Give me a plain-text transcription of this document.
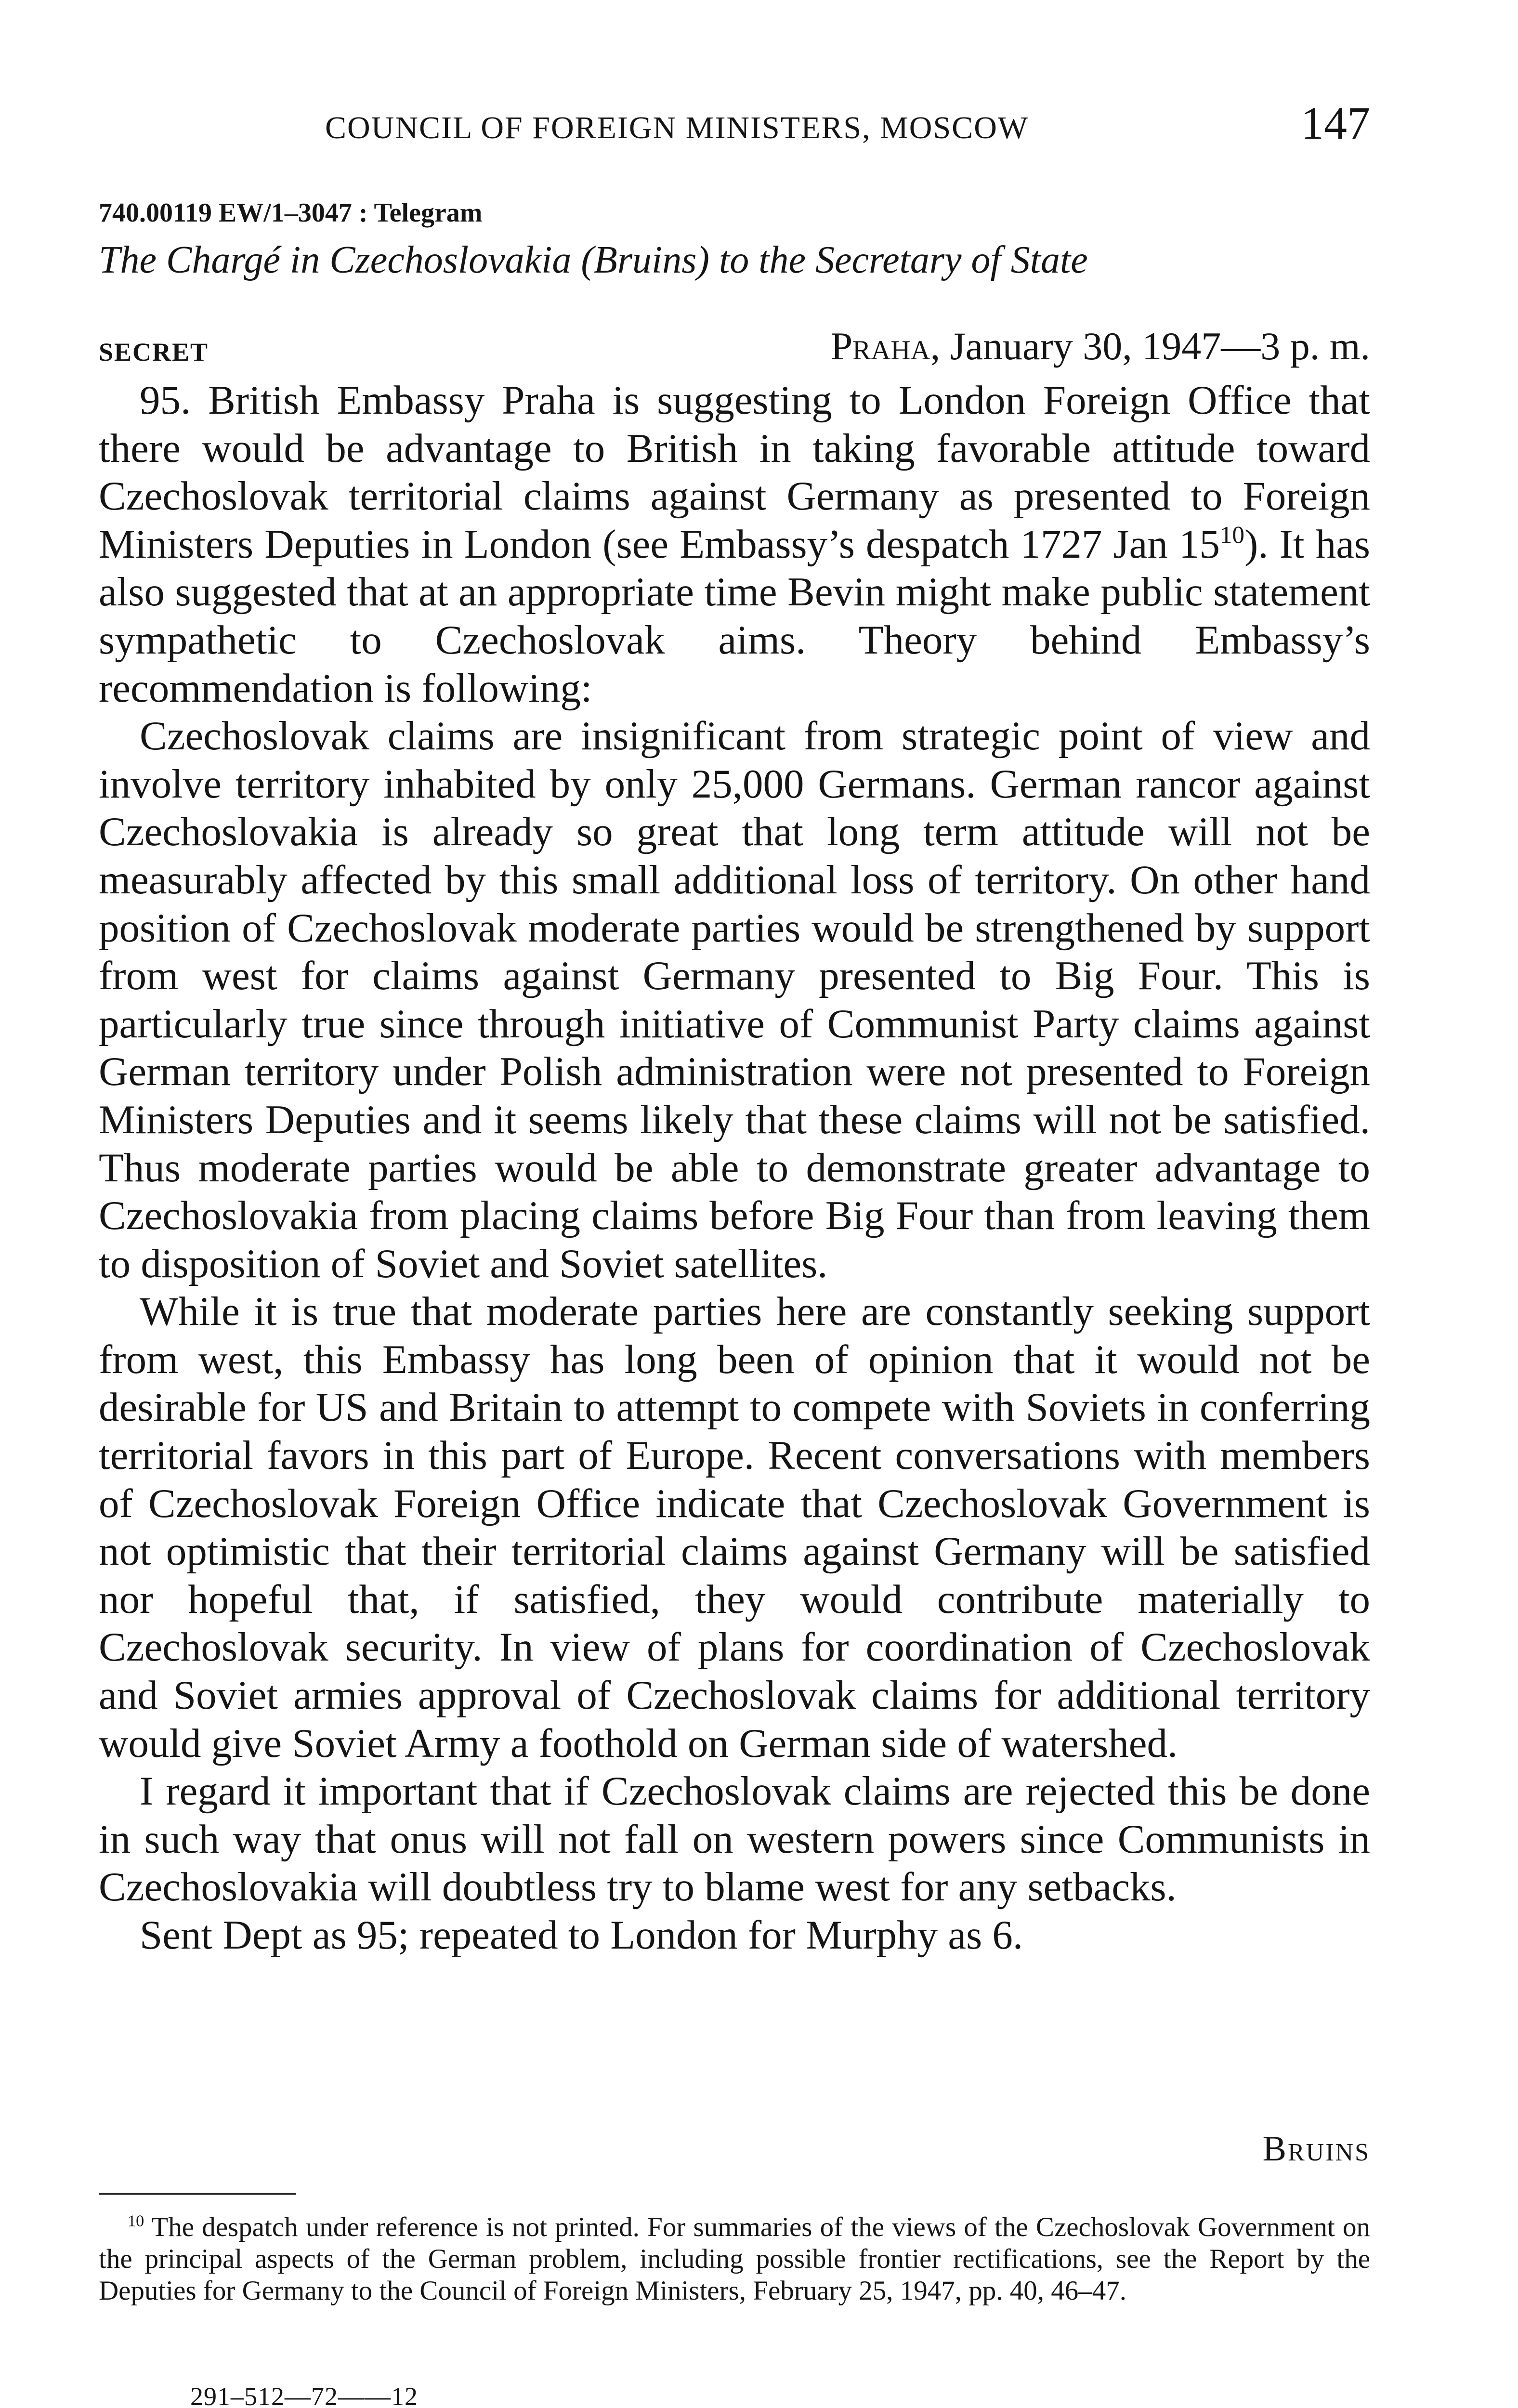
COUNCIL OF FOREIGN MINISTERS, MOSCOW	147
740.00119 EW/1–3047 : Telegram
The Chargé in Czechoslovakia (Bruins) to the Secretary of State
SECRET	Praha, January 30, 1947—3 p. m.

95. British Embassy Praha is suggesting to London Foreign Office that there would be advantage to British in taking favorable attitude toward Czechoslovak territorial claims against Germany as presented to Foreign Ministers Deputies in London (see Embassy’s despatch 1727 Jan $15^{10}$). It has also suggested that at an appropriate time Bevin might make public statement sympathetic to Czechoslovak aims. Theory behind Embassy’s recommendation is following:

Czechoslovak claims are insignificant from strategic point of view and involve territory inhabited by only 25,000 Germans. German rancor against Czechoslovakia is already so great that long term attitude will not be measurably affected by this small additional loss of territory. On other hand position of Czechoslovak moderate parties would be strengthened by support from west for claims against Germany presented to Big Four. This is particularly true since through initiative of Communist Party claims against German territory under Polish administration were not presented to Foreign Ministers Deputies and it seems likely that these claims will not be satisfied. Thus moderate parties would be able to demonstrate greater advantage to Czechoslovakia from placing claims before Big Four than from leaving them to disposition of Soviet and Soviet satellites.

While it is true that moderate parties here are constantly seeking support from west, this Embassy has long been of opinion that it would not be desirable for US and Britain to attempt to compete with Soviets in conferring territorial favors in this part of Europe. Recent conversations with members of Czechoslovak Foreign Office indicate that Czechoslovak Government is not optimistic that their territorial claims against Germany will be satisfied nor hopeful that, if satisfied, they would contribute materially to Czechoslovak security. In view of plans for coordination of Czechoslovak and Soviet armies approval of Czechoslovak claims for additional territory would give Soviet Army a foothold on German side of watershed.

I regard it important that if Czechoslovak claims are rejected this be done in such way that onus will not fall on western powers since Communists in Czechoslovakia will doubtless try to blame west for any setbacks.

Sent Dept as 95; repeated to London for Murphy as 6.

Bruins
$^{10}$ The despatch under reference is not printed. For summaries of the views of the Czechoslovak Government on the principal aspects of the German problem, including possible frontier rectifications, see the Report by the Deputies for Germany to the Council of Foreign Ministers, February 25, 1947, pp. 40, 46–47.
291–512—72——12
